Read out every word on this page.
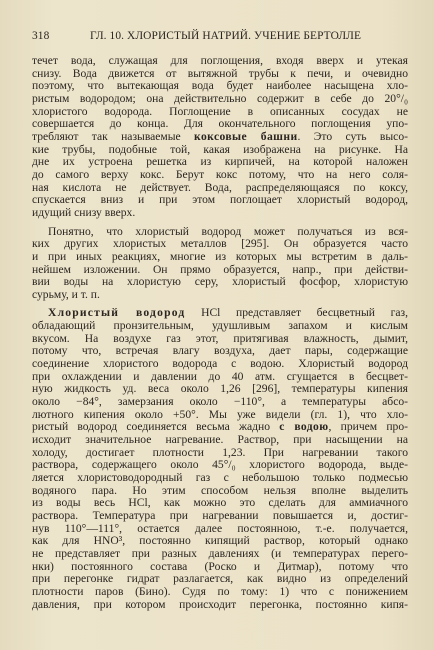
318	ГЛ. 10. ХЛОРИСТЫЙ НАТРИЙ. УЧЕНИЕ БЕРТОЛЛЕ
течет вода, служащая для поглощения, входя вверх и утекая
снизу. Вода движется от вытяжной трубы к печи, и очевидно
поэтому, что вытекающая вода будет наиболее насыщена хло-
ристым водородом; она действительно содержит в себе до 20°/₀
хлористого водорода. Поглощение в описанных сосудах не
совершается до конца. Для окончательного поглощения упо-
требляют так называемые коксовые башни. Это суть высо-
кие трубы, подобные той, какая изображена на рисунке. На
дне их устроена решетка из кирпичей, на которой наложен
до самого верху кокс. Берут кокс потому, что на него соля-
ная кислота не действует. Вода, распределяющаяся по коксу,
спускается вниз и при этом поглощает хлористый водород,
идущий снизу вверх.
Понятно, что хлористый водород может получаться из вся-
ких других хлористых металлов [295]. Он образуется часто
и при иных реакциях, многие из которых мы встретим в даль-
нейшем изложении. Он прямо образуется, напр., при действи-
вии воды на хлористую серу, хлористый фосфор, хлористую
сурьму, и т. п.
Хлористый водород HCl представляет бесцветный газ,
обладающий пронзительным, удушливым запахом и кислым
вкусом. На воздухе газ этот, притягивая влажность, дымит,
потому что, встречая влагу воздуха, дает пары, содержащие
соединение хлористого водорода с водою. Хлористый водород
при охлаждении и давлении до 40 атм. сгущается в бесцвет-
ную жидкость уд. веса около 1,26 [296], температуры кипения
около −84°, замерзания около −110°, а температуры абсо-
лютного кипения около +50°. Мы уже видели (гл. 1), что хло-
ристый водород соединяется весьма жадно с водою, причем про-
исходит значительное нагревание. Раствор, при насыщении на
холоду, достигает плотности 1,23. При нагревании такого
раствора, содержащего около 45°/₀ хлористого водорода, выде-
ляется хлористоводородный газ с небольшою только подмесью
водяного пара. Но этим способом нельзя вполне выделить
из воды весь HCl, как можно это сделать для аммиачного
раствора. Температура при нагревании повышается и, достиг-
нув 110°—111°, остается далее постоянною, т.-е. получается,
как для HNO³, постоянно кипящий раствор, который однако
не представляет при разных давлениях (и температурах перего-
нки) постоянного состава (Роско и Дитмар), потому что
при перегонке гидрат разлагается, как видно из определений
плотности паров (Бино). Судя по тому: 1) что с понижением
давления, при котором происходит перегонка, постоянно кипя-
